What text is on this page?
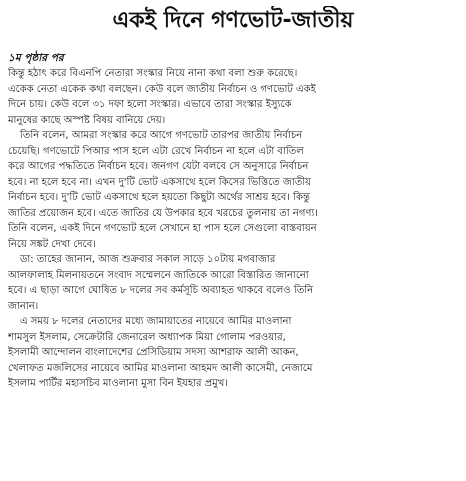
একই দিনে গণভোট-জাতীয়
১ম পৃষ্ঠার পর

কিন্তু হঠাৎ করে বিএনপি নেতারা সংস্কার নিয়ে নানা কথা বলা শুরু করেছে।
একেক নেতা একেক কথা বলছেন। কেউ বলে জাতীয় নির্বাচন ও গণভোট একই
দিনে চায়। কেউ বলে ৩১ দফা হলো সংস্কার। এভাবে তারা সংস্কার ইস্যুকে
মানুষের কাছে অস্পষ্ট বিষয় বানিয়ে দেয়।

তিনি বলেন, আমরা সংস্কার করে আগে গণভোট তারপর জাতীয় নির্বাচন
চেয়েছি। গণভোটে পিআর পাস হলে এটা রেখে নির্বাচন না হলে এটা বাতিল
করে আগের পদ্ধতিতে নির্বাচন হবে। জনগণ যেটা বলবে সে অনুসারে নির্বাচন
হবে। না হলে হবে না। এখন দু'টি ভোট একসাথে হলে কিসের ভিত্তিতে জাতীয়
নির্বাচন হবে। দু'টি ভোট একসাথে হলে হয়তো কিছুটা অর্থের সাশ্রয় হবে। কিন্তু
জাতির প্রয়োজন হবে। এতে জাতির যে উপকার হবে খরচের তুলনায় তা নগণ্য।
তিনি বলেন, একই দিনে গণভোট হলে সেখানে হা পাস হলে সেগুলো বাস্তবায়ন
নিয়ে সঙ্কট দেখা দেবে।

ডা: তাহের জানান, আজ শুক্রবার সকাল সাড়ে ১০টায় মগবাজার
আলফালাহ মিলনায়তনে সংবাদ সম্মেলনে জাতিকে আরো বিস্তারিত জানানো
হবে। এ ছাড়া আগে ঘোষিত ৮ দলের সব কর্মসূচি অব্যাহত থাকবে বলেও তিনি
জানান।

এ সময় ৮ দলের নেতাদের মধ্যে জামায়াতের নায়েবে আমির মাওলানা
শামসুল ইসলাম, সেক্রেটারি জেনারেল অধ্যাপক মিয়া গোলাম পরওয়ার,
ইসলামী আন্দোলন বাংলাদেশের প্রেসিডিয়াম সদস্য আশরাফ আলী আকন,
খেলাফত মজলিসের নায়েবে আমির মাওলানা আহমদ আলী কাসেমী, নেজামে
ইসলাম পার্টির মহাসচিব মাওলানা মুসা বিন ইযহার প্রমুখ।
